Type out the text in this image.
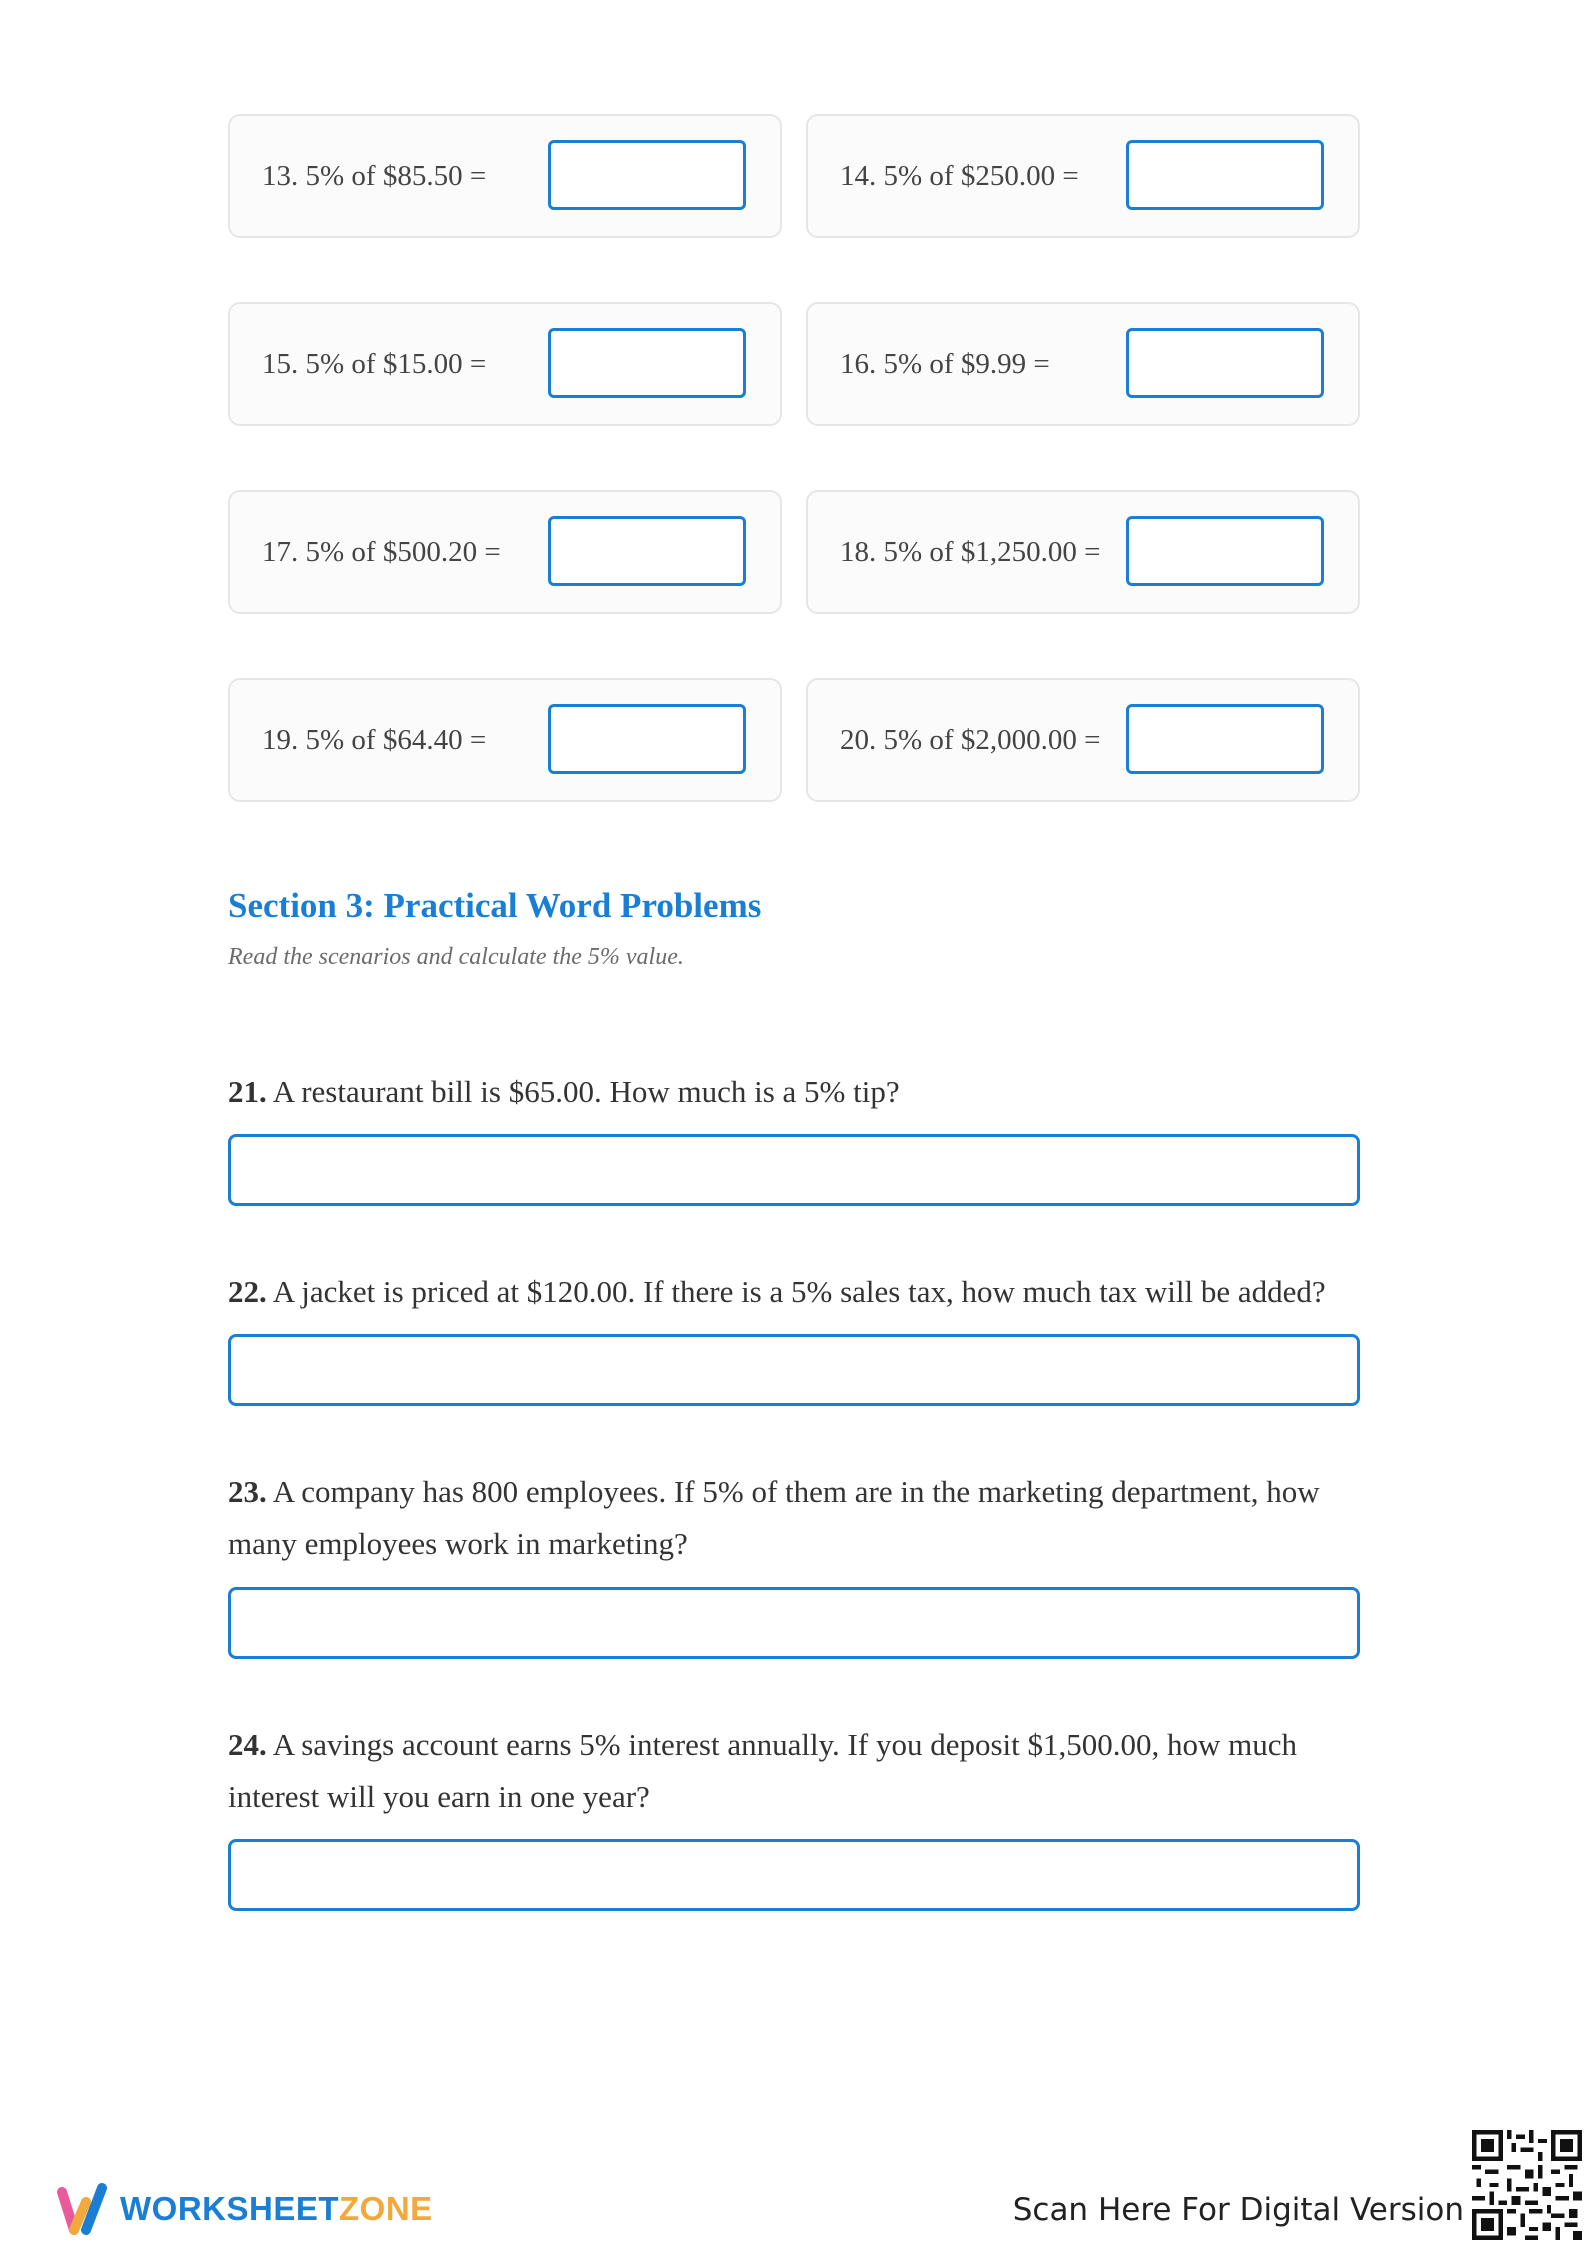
13. 5% of $85.50 =	14. 5% of $250.00 =
15. 5% of $15.00 =	16. 5% of $9.99 =
17. 5% of $500.20 =	18. 5% of $1,250.00 =
19. 5% of $64.40 =	20. 5% of $2,000.00 =
Section 3: Practical Word Problems
Read the scenarios and calculate the 5% value.
21. A restaurant bill is $65.00. How much is a 5% tip?
22. A jacket is priced at $120.00. If there is a 5% sales tax, how much tax will be added?
23. A company has 800 employees. If 5% of them are in the marketing department, how many employees work in marketing?
24. A savings account earns 5% interest annually. If you deposit $1,500.00, how much interest will you earn in one year?
WORKSHEETZONE	Scan Here For Digital Version
